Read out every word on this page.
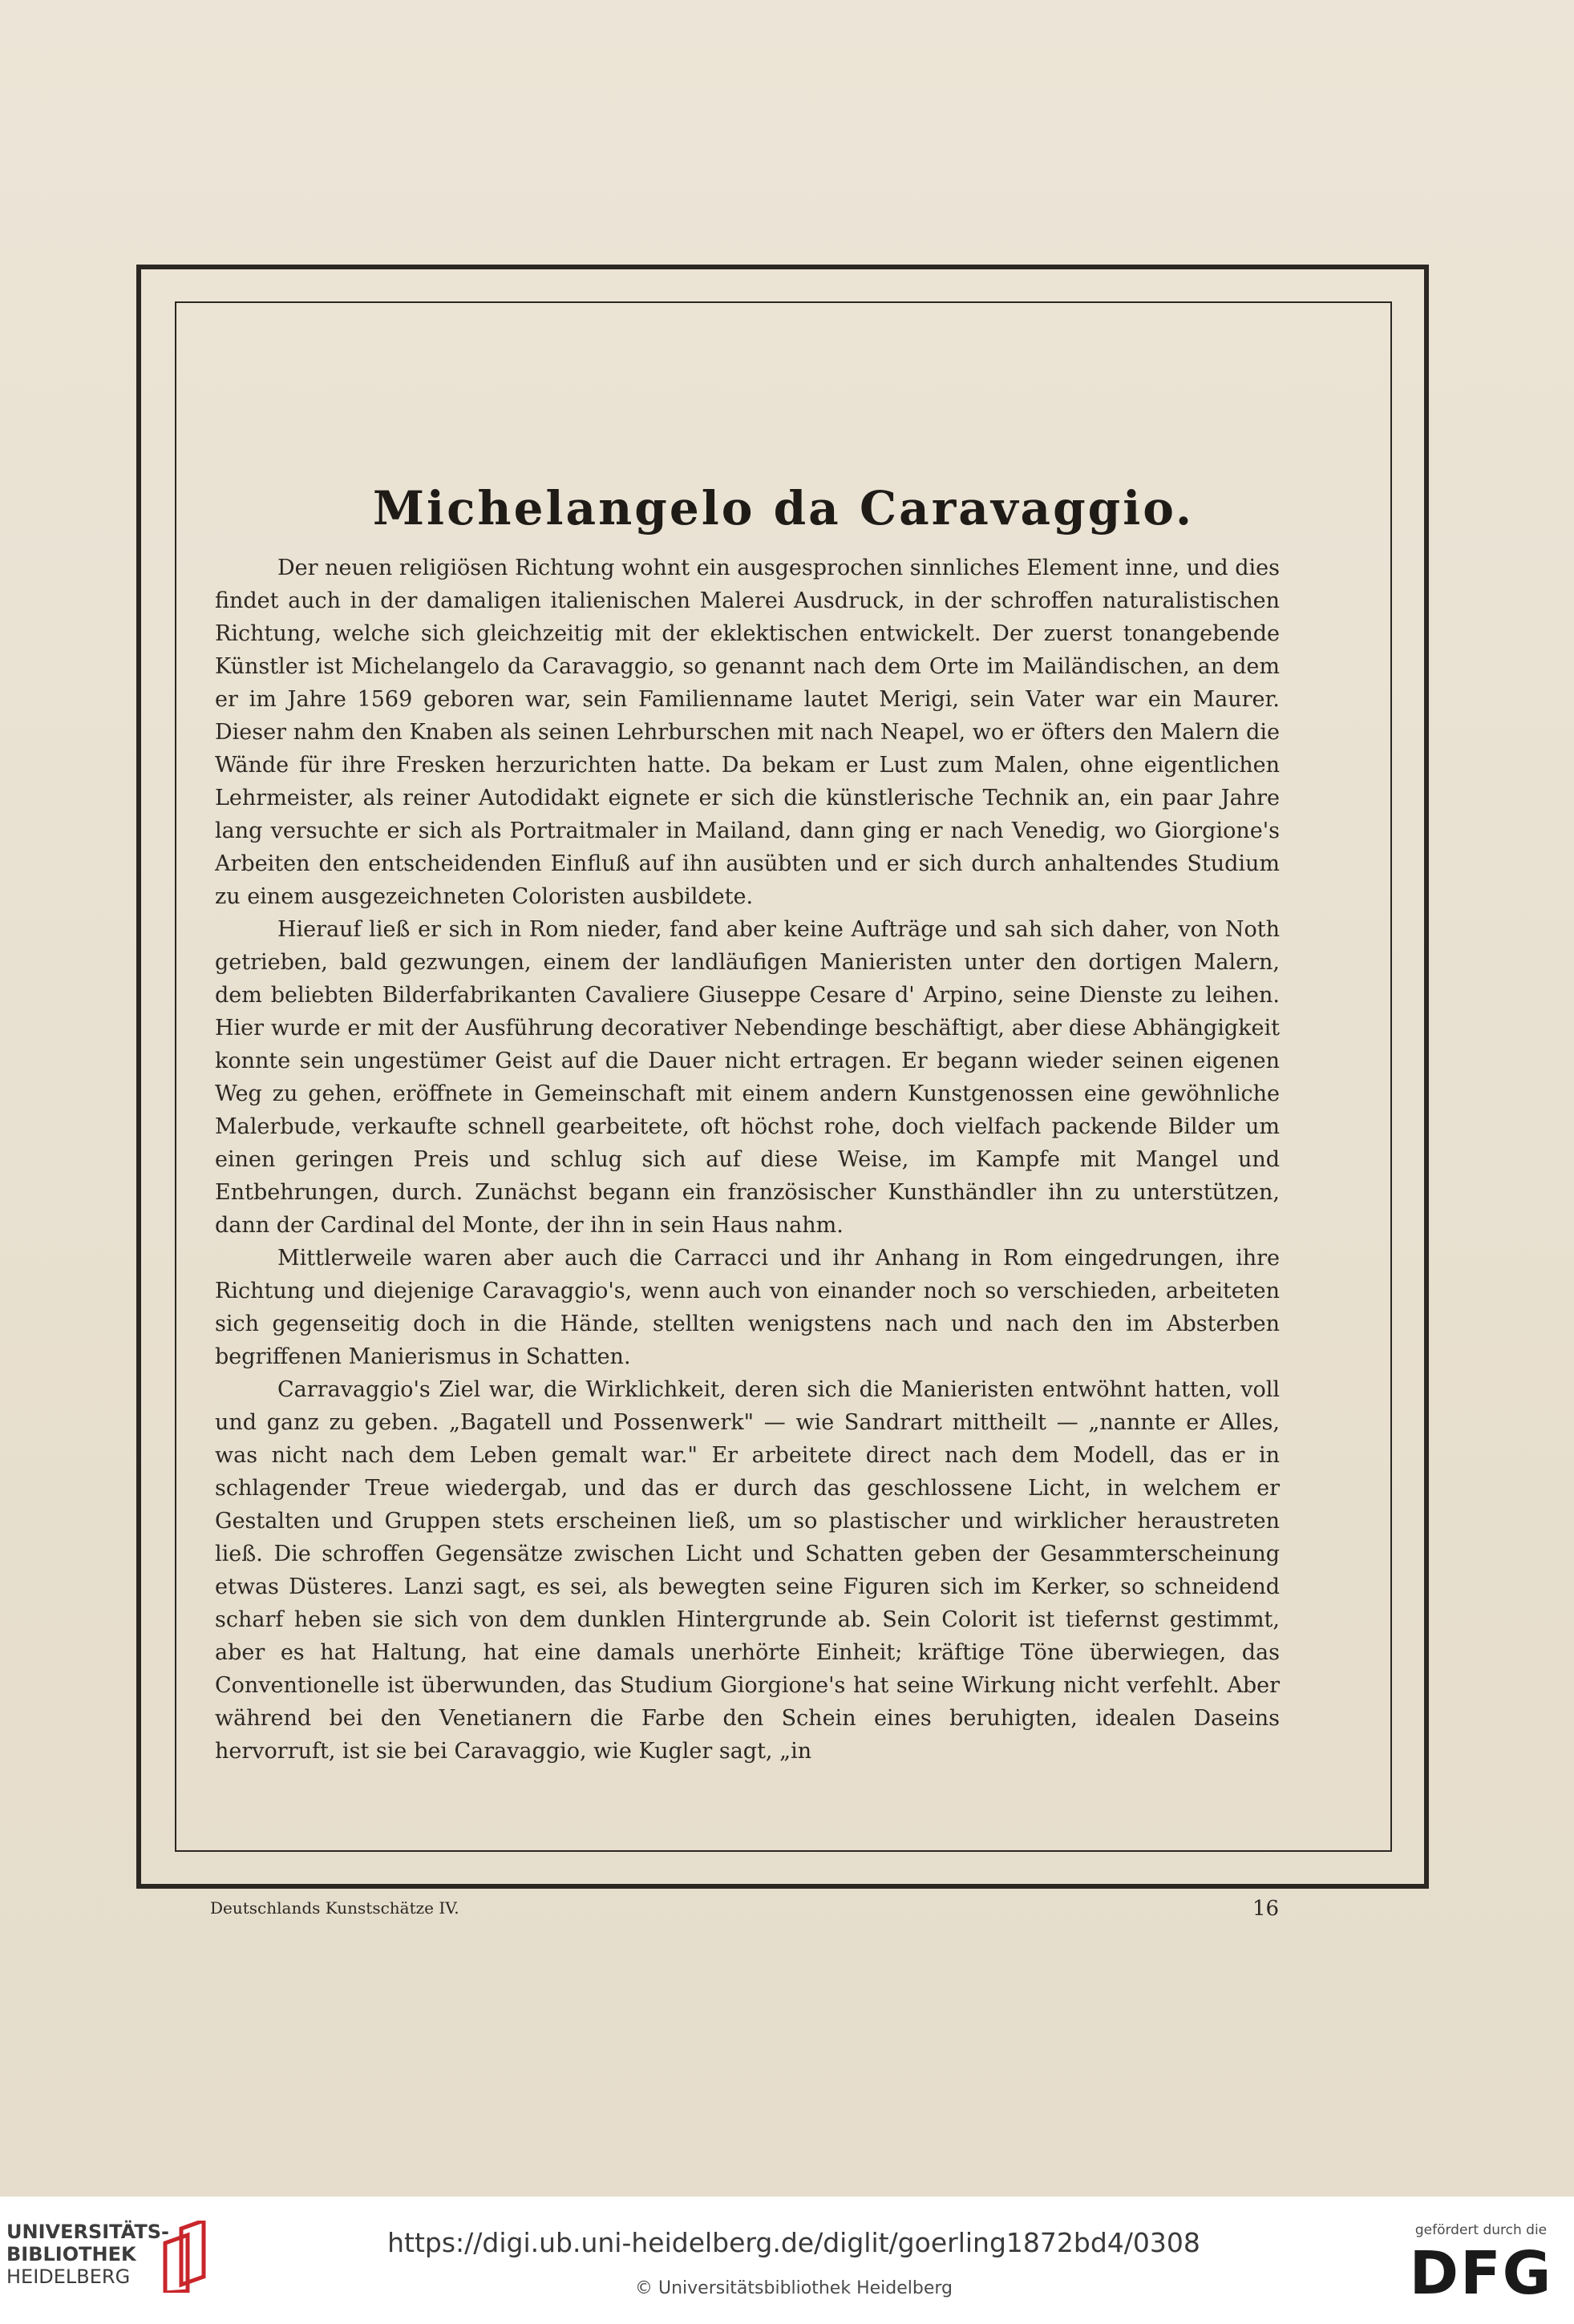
Michelangelo da Caravaggio.

Der neuen religiösen Richtung wohnt ein ausgesprochen sinnliches Element inne, und dies findet auch in der damaligen italienischen Malerei Ausdruck, in der schroffen naturalistischen Richtung, welche sich gleichzeitig mit der eklektischen entwickelt. Der zuerst tonangebende Künstler ist Michelangelo da Caravaggio, so genannt nach dem Orte im Mailändischen, an dem er im Jahre 1569 geboren war, sein Familienname lautet Merigi, sein Vater war ein Maurer. Dieser nahm den Knaben als seinen Lehrburschen mit nach Neapel, wo er öfters den Malern die Wände für ihre Fresken herzurichten hatte. Da bekam er Lust zum Malen, ohne eigentlichen Lehrmeister, als reiner Autodidakt eignete er sich die künstlerische Technik an, ein paar Jahre lang versuchte er sich als Portraitmaler in Mailand, dann ging er nach Venedig, wo Giorgione's Arbeiten den entscheidenden Einfluß auf ihn ausübten und er sich durch anhaltendes Studium zu einem ausgezeichneten Coloristen ausbildete.

Hierauf ließ er sich in Rom nieder, fand aber keine Aufträge und sah sich daher, von Noth getrieben, bald gezwungen, einem der landläufigen Manieristen unter den dortigen Malern, dem beliebten Bilderfabrikanten Cavaliere Giuseppe Cesare d' Arpino, seine Dienste zu leihen. Hier wurde er mit der Ausführung decorativer Nebendinge beschäftigt, aber diese Abhängigkeit konnte sein ungestümer Geist auf die Dauer nicht ertragen. Er begann wieder seinen eigenen Weg zu gehen, eröffnete in Gemeinschaft mit einem andern Kunstgenossen eine gewöhnliche Malerbude, verkaufte schnell gearbeitete, oft höchst rohe, doch vielfach packende Bilder um einen geringen Preis und schlug sich auf diese Weise, im Kampfe mit Mangel und Entbehrungen, durch. Zunächst begann ein französischer Kunsthändler ihn zu unterstützen, dann der Cardinal del Monte, der ihn in sein Haus nahm.

Mittlerweile waren aber auch die Carracci und ihr Anhang in Rom eingedrungen, ihre Richtung und diejenige Caravaggio's, wenn auch von einander noch so verschieden, arbeiteten sich gegenseitig doch in die Hände, stellten wenigstens nach und nach den im Absterben begriffenen Manierismus in Schatten.

Carravaggio's Ziel war, die Wirklichkeit, deren sich die Manieristen entwöhnt hatten, voll und ganz zu geben. „Bagatell und Possenwerk" — wie Sandrart mittheilt — „nannte er Alles, was nicht nach dem Leben gemalt war." Er arbeitete direct nach dem Modell, das er in schlagender Treue wiedergab, und das er durch das geschlossene Licht, in welchem er Gestalten und Gruppen stets erscheinen ließ, um so plastischer und wirklicher heraustreten ließ. Die schroffen Gegensätze zwischen Licht und Schatten geben der Gesammterscheinung etwas Düsteres. Lanzi sagt, es sei, als bewegten seine Figuren sich im Kerker, so schneidend scharf heben sie sich von dem dunklen Hintergrunde ab. Sein Colorit ist tiefernst gestimmt, aber es hat Haltung, hat eine damals unerhörte Einheit; kräftige Töne überwiegen, das Conventionelle ist überwunden, das Studium Giorgione's hat seine Wirkung nicht verfehlt. Aber während bei den Venetianern die Farbe den Schein eines beruhigten, idealen Daseins hervorruft, ist sie bei Caravaggio, wie Kugler sagt, „in

Deutschlands Kunstschätze IV.	16
UNIVERSITÄTS-
BIBLIOTHEK
HEIDELBERG
https://digi.ub.uni-heidelberg.de/diglit/goerling1872bd4/0308
© Universitätsbibliothek Heidelberg
gefördert durch die
DFG
